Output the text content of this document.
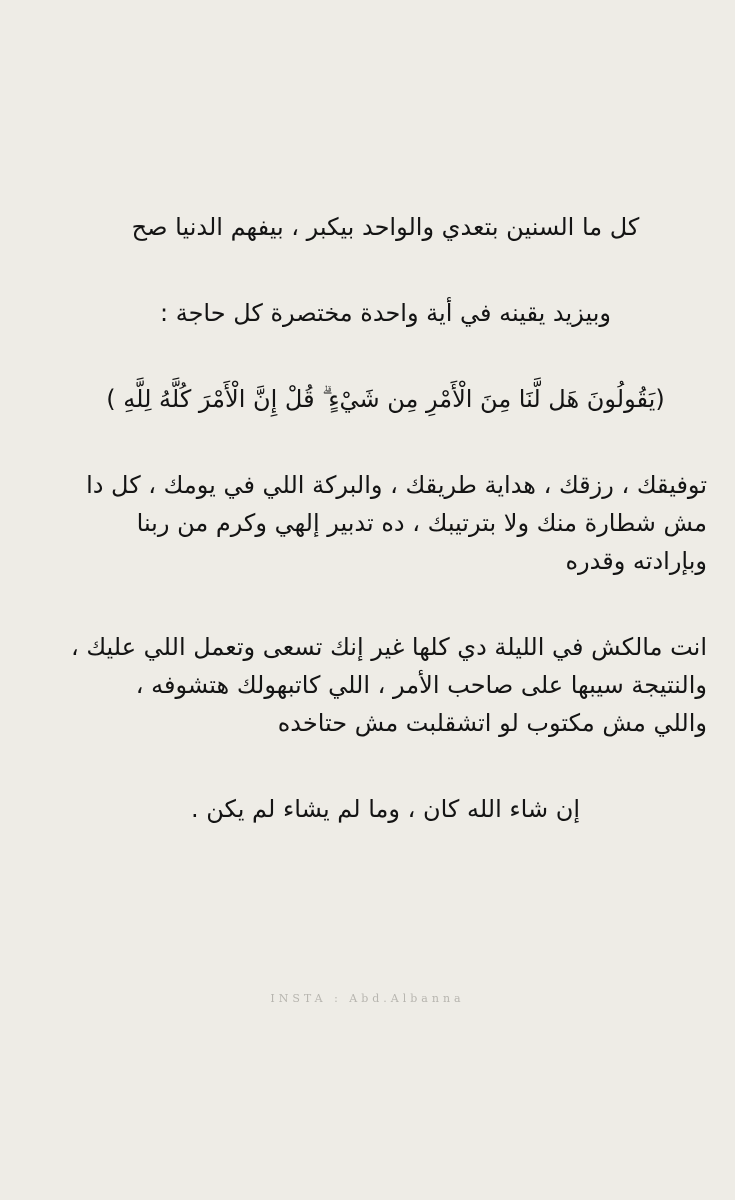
كل ما السنين بتعدي والواحد بيكبر ، بيفهم الدنيا صح

وبيزيد يقينه في أية واحدة مختصرة كل حاجة :

(يَقُولُونَ هَل لَّنَا مِنَ الْأَمْرِ مِن شَيْءٍ ۗ قُلْ إِنَّ الْأَمْرَ كُلَّهُ لِلَّهِ )

توفيقك ، رزقك ، هداية طريقك ، والبركة اللي في يومك ، كل دا
مش شطارة منك ولا بترتيبك ، ده تدبير إلهي وكرم من ربنا
وبإرادته وقدره

انت مالكش في الليلة دي كلها غير إنك تسعى وتعمل اللي عليك ،
والنتيجة سيبها على صاحب الأمر ، اللي كاتبهولك هتشوفه ،
واللي مش مكتوب لو اتشقلبت مش حتاخده

إن شاء الله كان ، وما لم يشاء لم يكن .

INSTA : Abd.Albanna
